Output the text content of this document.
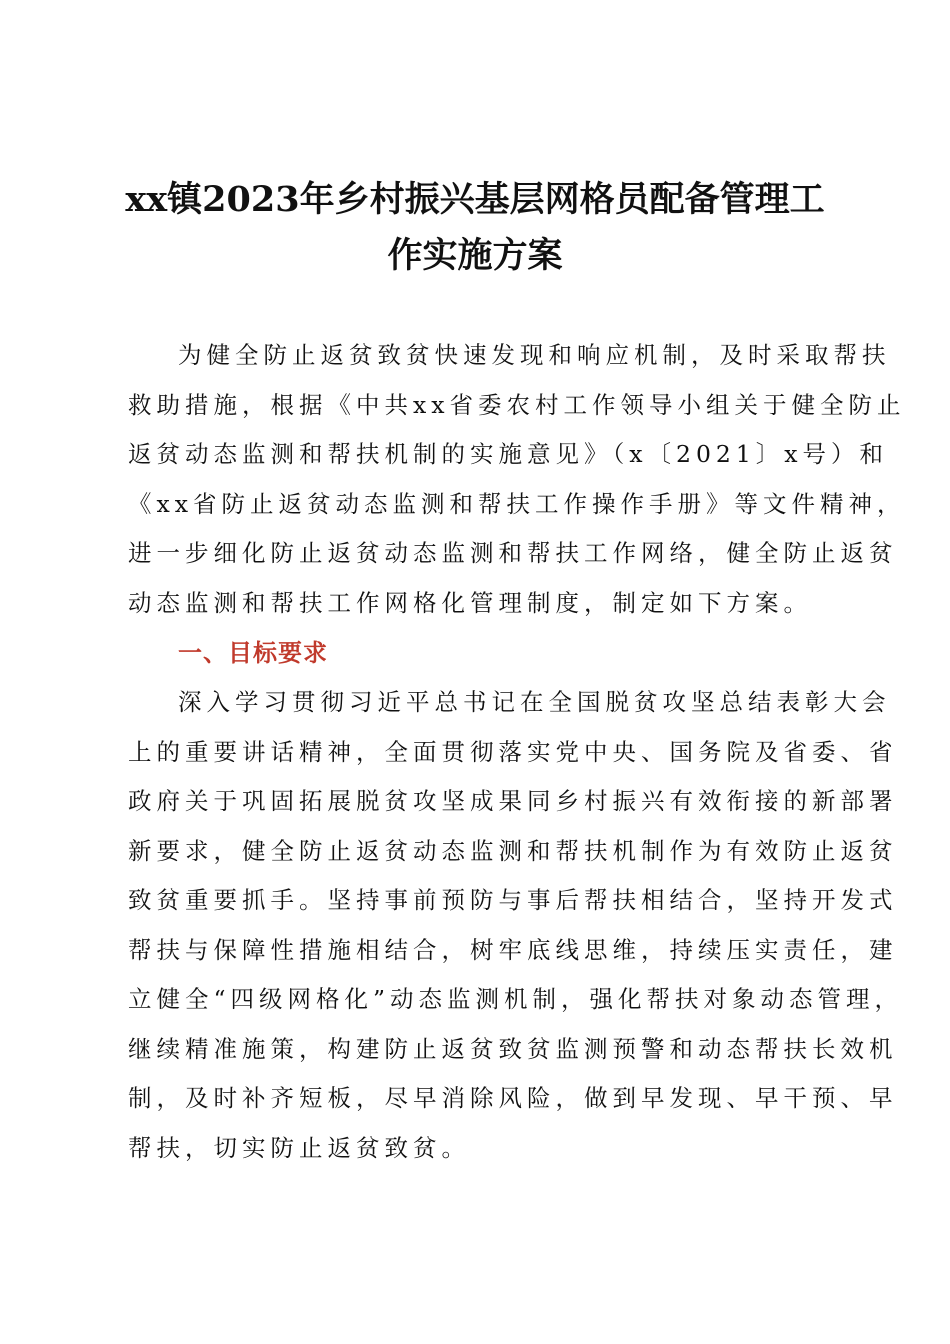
xx镇2023年乡村振兴基层网格员配备管理工
作实施方案
为健全防止返贫致贫快速发现和响应机制，及时采取帮扶
救助措施，根据《中共xx省委农村工作领导小组关于健全防止
返贫动态监测和帮扶机制的实施意见》（x〔2021〕x号）和
《xx省防止返贫动态监测和帮扶工作操作手册》等文件精神，
进一步细化防止返贫动态监测和帮扶工作网络，健全防止返贫
动态监测和帮扶工作网格化管理制度，制定如下方案。
一、目标要求
深入学习贯彻习近平总书记在全国脱贫攻坚总结表彰大会
上的重要讲话精神，全面贯彻落实党中央、国务院及省委、省
政府关于巩固拓展脱贫攻坚成果同乡村振兴有效衔接的新部署
新要求，健全防止返贫动态监测和帮扶机制作为有效防止返贫
致贫重要抓手。坚持事前预防与事后帮扶相结合，坚持开发式
帮扶与保障性措施相结合，树牢底线思维，持续压实责任，建
立健全“四级网格化”动态监测机制，强化帮扶对象动态管理，
继续精准施策，构建防止返贫致贫监测预警和动态帮扶长效机
制，及时补齐短板，尽早消除风险，做到早发现、早干预、早
帮扶，切实防止返贫致贫。
